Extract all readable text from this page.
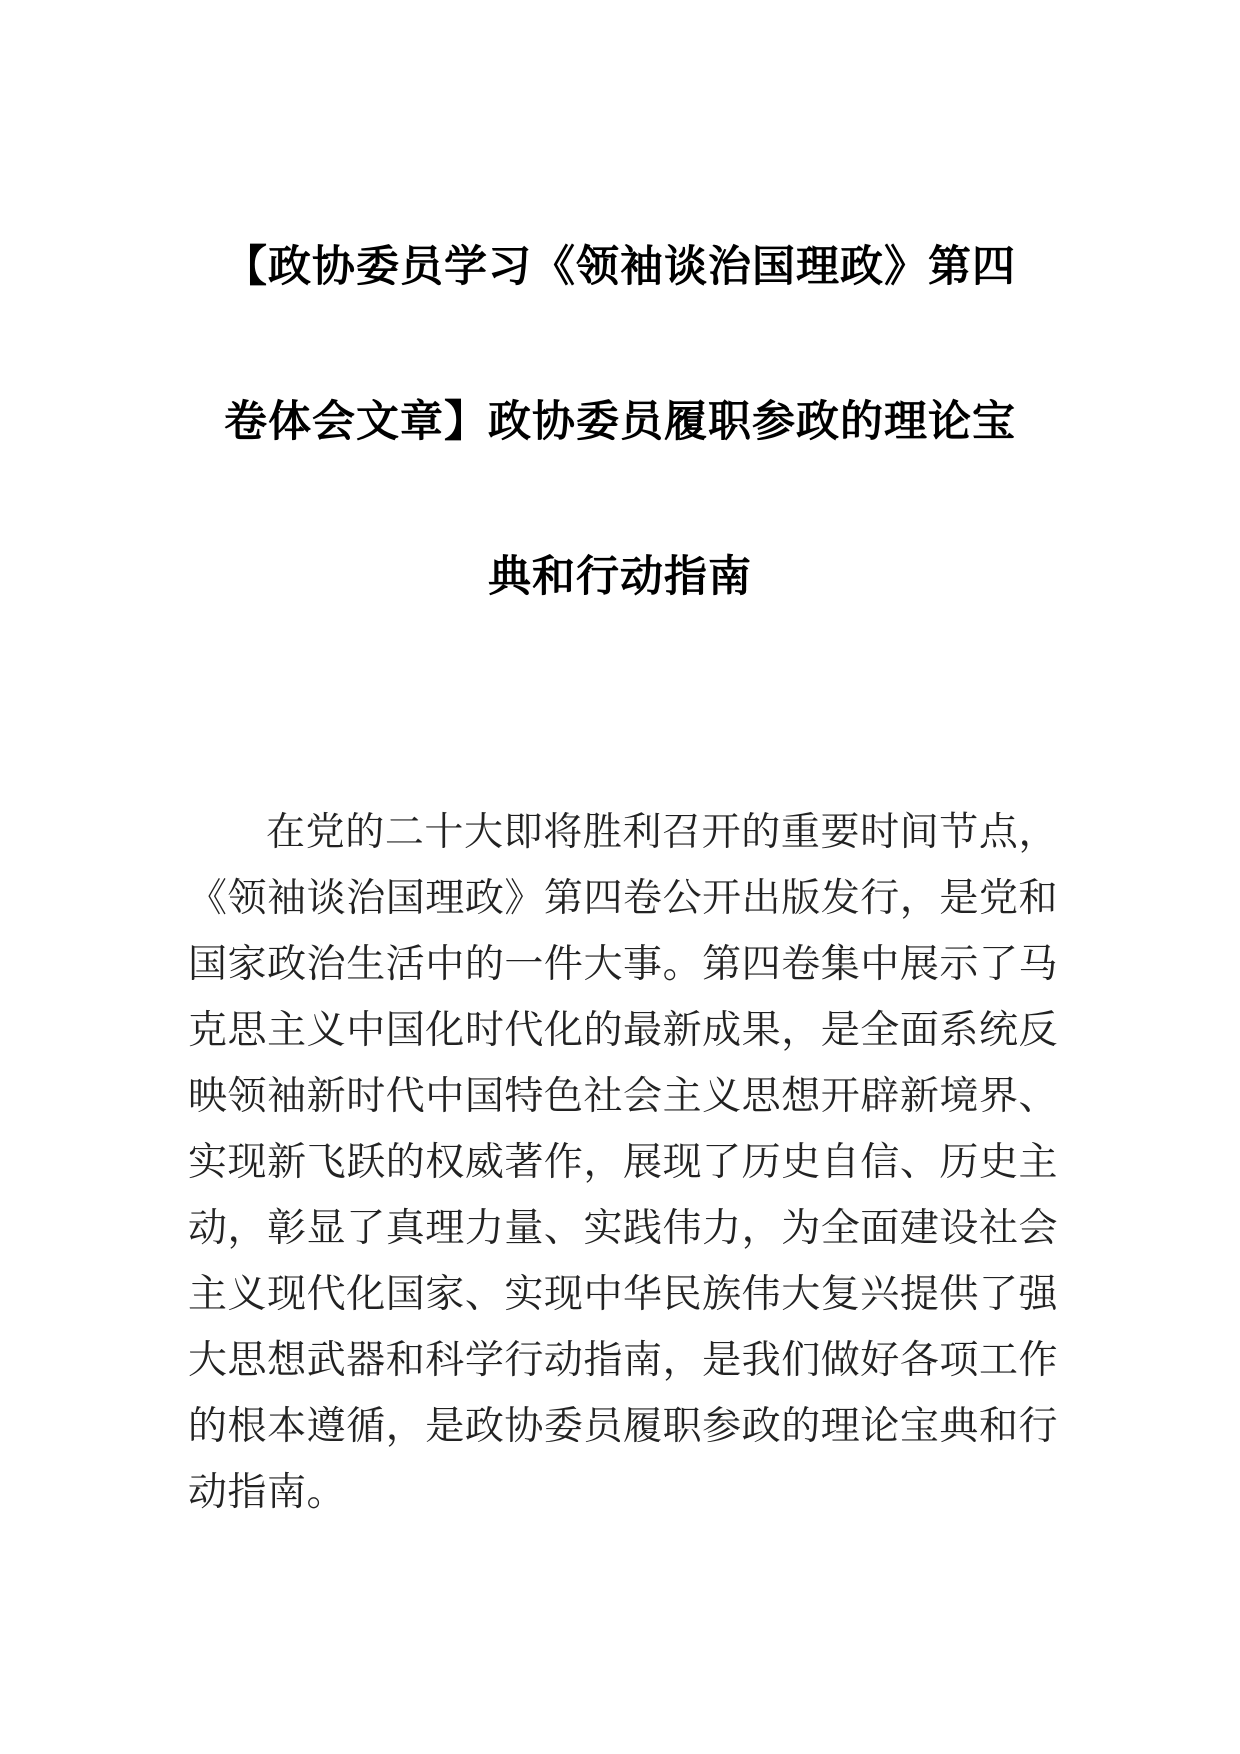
【政协委员学习《领袖谈治国理政》第四
卷体会文章】政协委员履职参政的理论宝
典和行动指南

在党的二十大即将胜利召开的重要时间节点，《领袖谈治国理政》第四卷公开出版发行，是党和国家政治生活中的一件大事。第四卷集中展示了马克思主义中国化时代化的最新成果，是全面系统反映领袖新时代中国特色社会主义思想开辟新境界、实现新飞跃的权威著作，展现了历史自信、历史主动，彰显了真理力量、实践伟力，为全面建设社会主义现代化国家、实现中华民族伟大复兴提供了强大思想武器和科学行动指南，是我们做好各项工作的根本遵循，是政协委员履职参政的理论宝典和行动指南。
